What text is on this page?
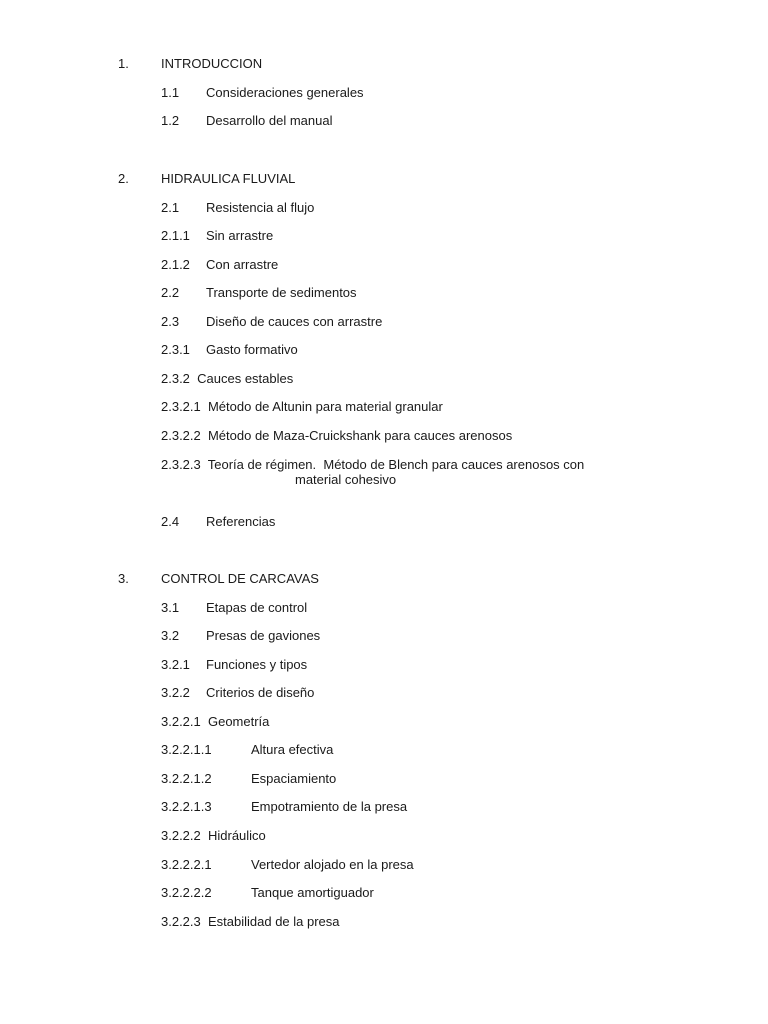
1. INTRODUCCION
1.1 Consideraciones generales
1.2 Desarrollo del manual
2. HIDRAULICA FLUVIAL
2.1 Resistencia al flujo
2.1.1 Sin arrastre
2.1.2 Con arrastre
2.2 Transporte de sedimentos
2.3 Diseño de cauces con arrastre
2.3.1 Gasto formativo
2.3.2  Cauces estables
2.3.2.1  Método de Altunin para material granular
2.3.2.2  Método de Maza-Cruickshank para cauces arenosos
2.3.2.3  Teoría de régimen.  Método de Blench para cauces arenosos con
material cohesivo
2.4 Referencias
3. CONTROL DE CARCAVAS
3.1 Etapas de control
3.2 Presas de gaviones
3.2.1 Funciones y tipos
3.2.2 Criterios de diseño
3.2.2.1  Geometría
3.2.2.1.1	Altura efectiva
3.2.2.1.2	Espaciamiento
3.2.2.1.3	Empotramiento de la presa
3.2.2.2  Hidráulico
3.2.2.2.1	Vertedor alojado en la presa
3.2.2.2.2	Tanque amortiguador
3.2.2.3  Estabilidad de la presa
